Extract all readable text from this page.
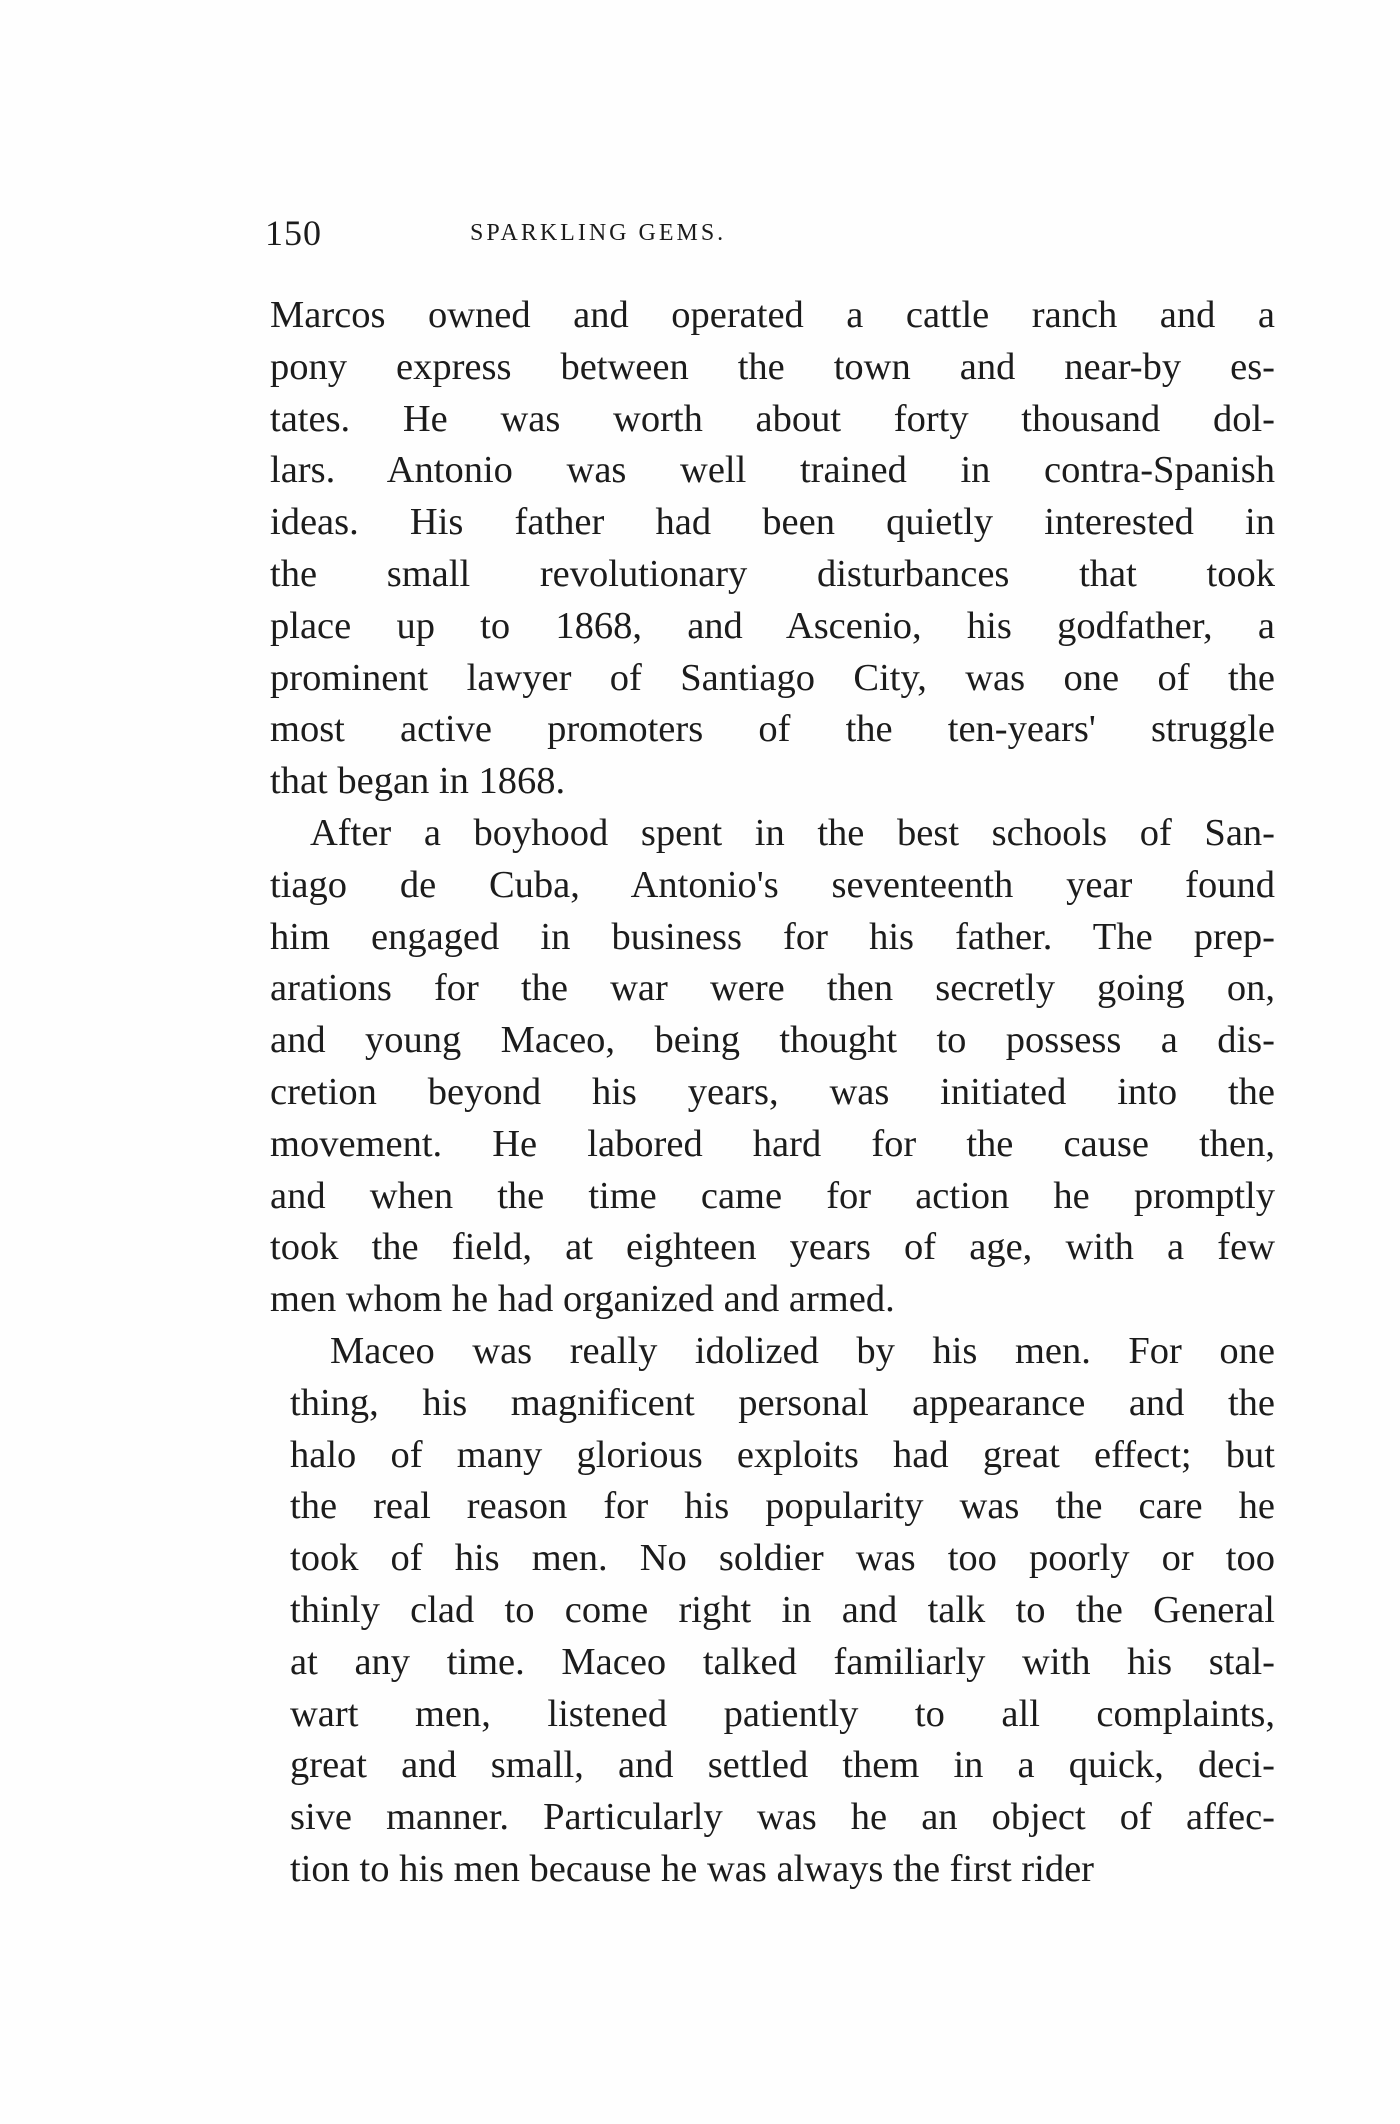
150	SPARKLING GEMS.
Marcos owned and operated a cattle ranch and a
pony express between the town and near-by es-
tates. He was worth about forty thousand dol-
lars. Antonio was well trained in contra-Spanish
ideas. His father had been quietly interested in
the small revolutionary disturbances that took
place up to 1868, and Ascenio, his godfather, a
prominent lawyer of Santiago City, was one of the
most active promoters of the ten-years' struggle
that began in 1868.
After a boyhood spent in the best schools of San-
tiago de Cuba, Antonio's seventeenth year found
him engaged in business for his father. The prep-
arations for the war were then secretly going on,
and young Maceo, being thought to possess a dis-
cretion beyond his years, was initiated into the
movement. He labored hard for the cause then,
and when the time came for action he promptly
took the field, at eighteen years of age, with a few
men whom he had organized and armed.
Maceo was really idolized by his men. For one
thing, his magnificent personal appearance and the
halo of many glorious exploits had great effect; but
the real reason for his popularity was the care he
took of his men. No soldier was too poorly or too
thinly clad to come right in and talk to the General
at any time. Maceo talked familiarly with his stal-
wart men, listened patiently to all complaints,
great and small, and settled them in a quick, deci-
sive manner. Particularly was he an object of affec-
tion to his men because he was always the first rider
